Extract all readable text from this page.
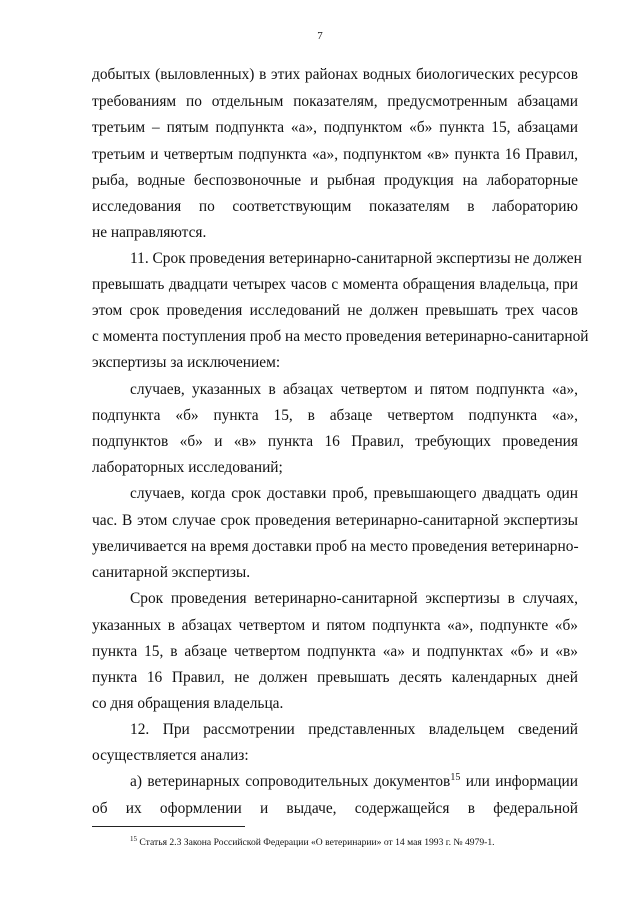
7
добытых (выловленных) в этих районах водных биологических ресурсов
требованиям по отдельным показателям, предусмотренным абзацами
третьим – пятым подпункта «а», подпунктом «б» пункта 15, абзацами
третьим и четвертым подпункта «а», подпунктом «в» пункта 16 Правил,
рыба, водные беспозвоночные и рыбная продукция на лабораторные
исследования по соответствующим показателям в лабораторию
не направляются.
11. Срок проведения ветеринарно-санитарной экспертизы не должен
превышать двадцати четырех часов с момента обращения владельца, при
этом срок проведения исследований не должен превышать трех часов
с момента поступления проб на место проведения ветеринарно-санитарной
экспертизы за исключением:
случаев, указанных в абзацах четвертом и пятом подпункта «а»,
подпункта «б» пункта 15, в абзаце четвертом подпункта «а»,
подпунктов «б» и «в» пункта 16 Правил, требующих проведения
лабораторных исследований;
случаев, когда срок доставки проб, превышающего двадцать один
час. В этом случае срок проведения ветеринарно-санитарной экспертизы
увеличивается на время доставки проб на место проведения ветеринарно-
санитарной экспертизы.
Срок проведения ветеринарно-санитарной экспертизы в случаях,
указанных в абзацах четвертом и пятом подпункта «а», подпункте «б»
пункта 15, в абзаце четвертом подпункта «а» и подпунктах «б» и «в»
пункта 16 Правил, не должен превышать десять календарных дней
со дня обращения владельца.
12. При рассмотрении представленных владельцем сведений
осуществляется анализ:
а) ветеринарных сопроводительных документов$^{15}$ или информации
об их оформлении и выдаче, содержащейся в федеральной
$^{15}$ Статья 2.3 Закона Российской Федерации «О ветеринарии» от 14 мая 1993 г. № 4979-1.
